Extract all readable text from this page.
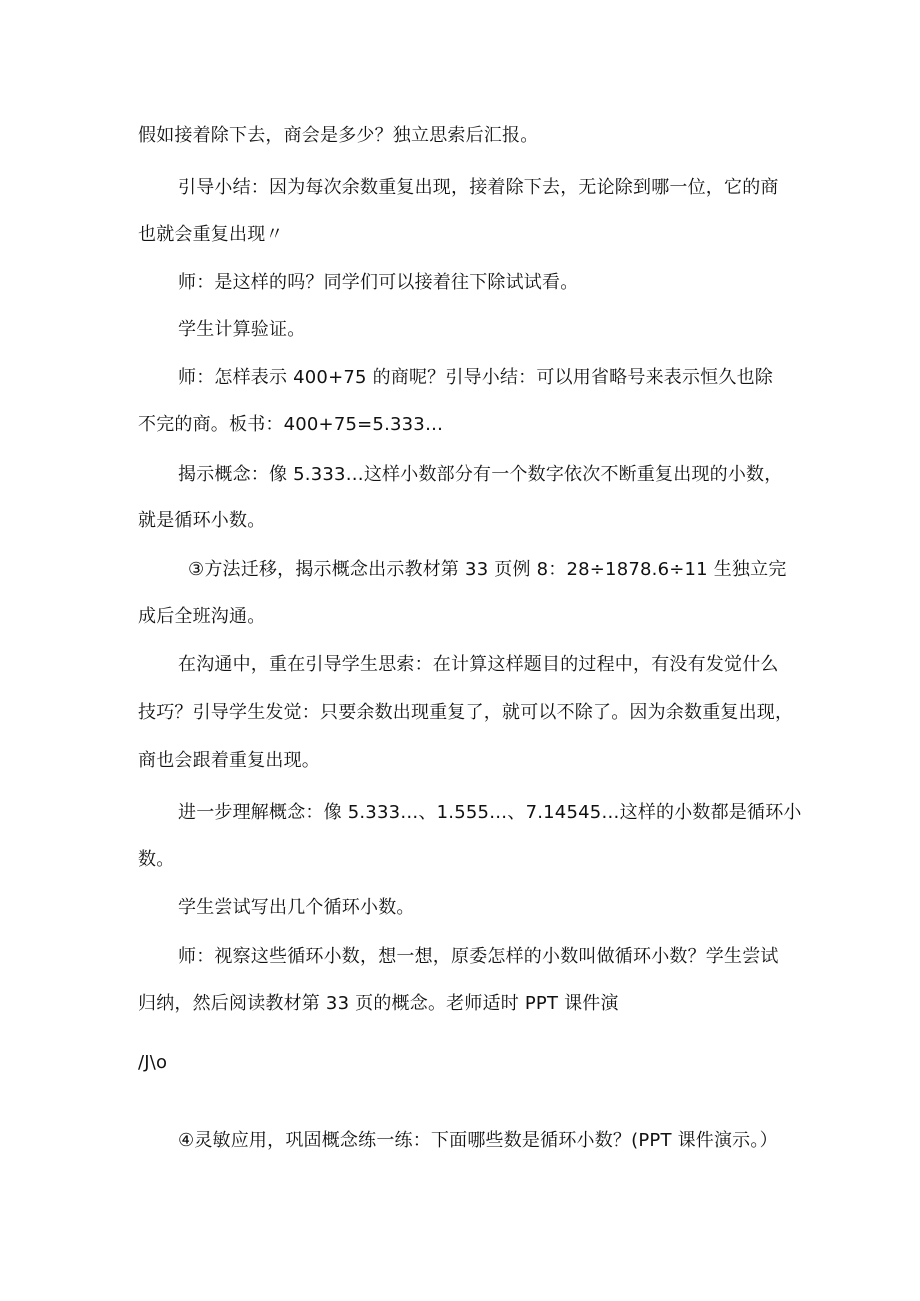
假如接着除下去，商会是多少？独立思索后汇报。
引导小结：因为每次余数重复出现，接着除下去，无论除到哪一位，它的商
也就会重复出现〃
师：是这样的吗？同学们可以接着往下除试试看。
学生计算验证。
师：怎样表示 400+75 的商呢？引导小结：可以用省略号来表示恒久也除
不完的商。板书：400+75=5.333…
揭示概念：像 5.333…这样小数部分有一个数字依次不断重复出现的小数，
就是循环小数。
③方法迁移，揭示概念出示教材第 33 页例 8：28÷1878.6÷11 生独立完
成后全班沟通。
在沟通中，重在引导学生思索：在计算这样题目的过程中，有没有发觉什么
技巧？引导学生发觉：只要余数出现重复了，就可以不除了。因为余数重复出现，
商也会跟着重复出现。
进一步理解概念：像 5.333…、1.555…、7.14545…这样的小数都是循环小
数。
学生尝试写出几个循环小数。
师：视察这些循环小数，想一想，原委怎样的小数叫做循环小数？学生尝试
归纳，然后阅读教材第 33 页的概念。老师适时 PPT 课件演
/J\o
④灵敏应用，巩固概念练一练：下面哪些数是循环小数？(PPT 课件演示。）
